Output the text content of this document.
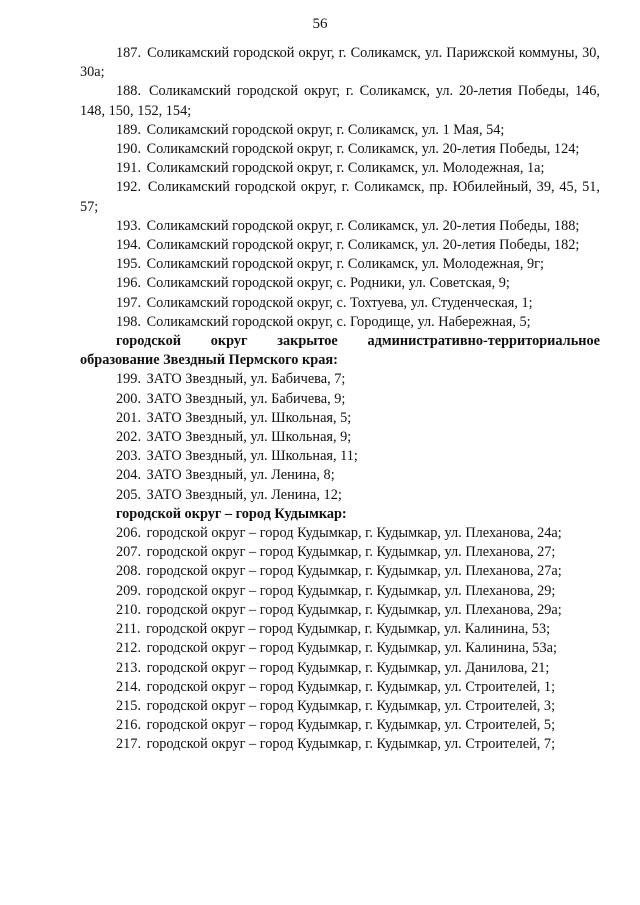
56

187. Соликамский городской округ, г. Соликамск, ул. Парижской коммуны, 30, 30а;

188. Соликамский городской округ, г. Соликамск, ул. 20-летия Победы, 146, 148, 150, 152, 154;

189. Соликамский городской округ, г. Соликамск, ул. 1 Мая, 54;

190. Соликамский городской округ, г. Соликамск, ул. 20-летия Победы, 124;

191. Соликамский городской округ, г. Соликамск, ул. Молодежная, 1а;

192. Соликамский городской округ, г. Соликамск, пр. Юбилейный, 39, 45, 51, 57;

193. Соликамский городской округ, г. Соликамск, ул. 20-летия Победы, 188;

194. Соликамский городской округ, г. Соликамск, ул. 20-летия Победы, 182;

195. Соликамский городской округ, г. Соликамск, ул. Молодежная, 9г;

196. Соликамский городской округ, с. Родники, ул. Советская, 9;

197. Соликамский городской округ, с. Тохтуева, ул. Студенческая, 1;

198. Соликамский городской округ, с. Городище, ул. Набережная, 5;

городской округ закрытое административно-территориальное образование Звездный Пермского края:

199. ЗАТО Звездный, ул. Бабичева, 7;

200. ЗАТО Звездный, ул. Бабичева, 9;

201. ЗАТО Звездный, ул. Школьная, 5;

202. ЗАТО Звездный, ул. Школьная, 9;

203. ЗАТО Звездный, ул. Школьная, 11;

204. ЗАТО Звездный, ул. Ленина, 8;

205. ЗАТО Звездный, ул. Ленина, 12;

городской округ – город Кудымкар:

206. городской округ – город Кудымкар, г. Кудымкар, ул. Плеханова, 24а;

207. городской округ – город Кудымкар, г. Кудымкар, ул. Плеханова, 27;

208. городской округ – город Кудымкар, г. Кудымкар, ул. Плеханова, 27а;

209. городской округ – город Кудымкар, г. Кудымкар, ул. Плеханова, 29;

210. городской округ – город Кудымкар, г. Кудымкар, ул. Плеханова, 29а;

211. городской округ – город Кудымкар, г. Кудымкар, ул. Калинина, 53;

212. городской округ – город Кудымкар, г. Кудымкар, ул. Калинина, 53а;

213. городской округ – город Кудымкар, г. Кудымкар, ул. Данилова, 21;

214. городской округ – город Кудымкар, г. Кудымкар, ул. Строителей, 1;

215. городской округ – город Кудымкар, г. Кудымкар, ул. Строителей, 3;

216. городской округ – город Кудымкар, г. Кудымкар, ул. Строителей, 5;

217. городской округ – город Кудымкар, г. Кудымкар, ул. Строителей, 7;
